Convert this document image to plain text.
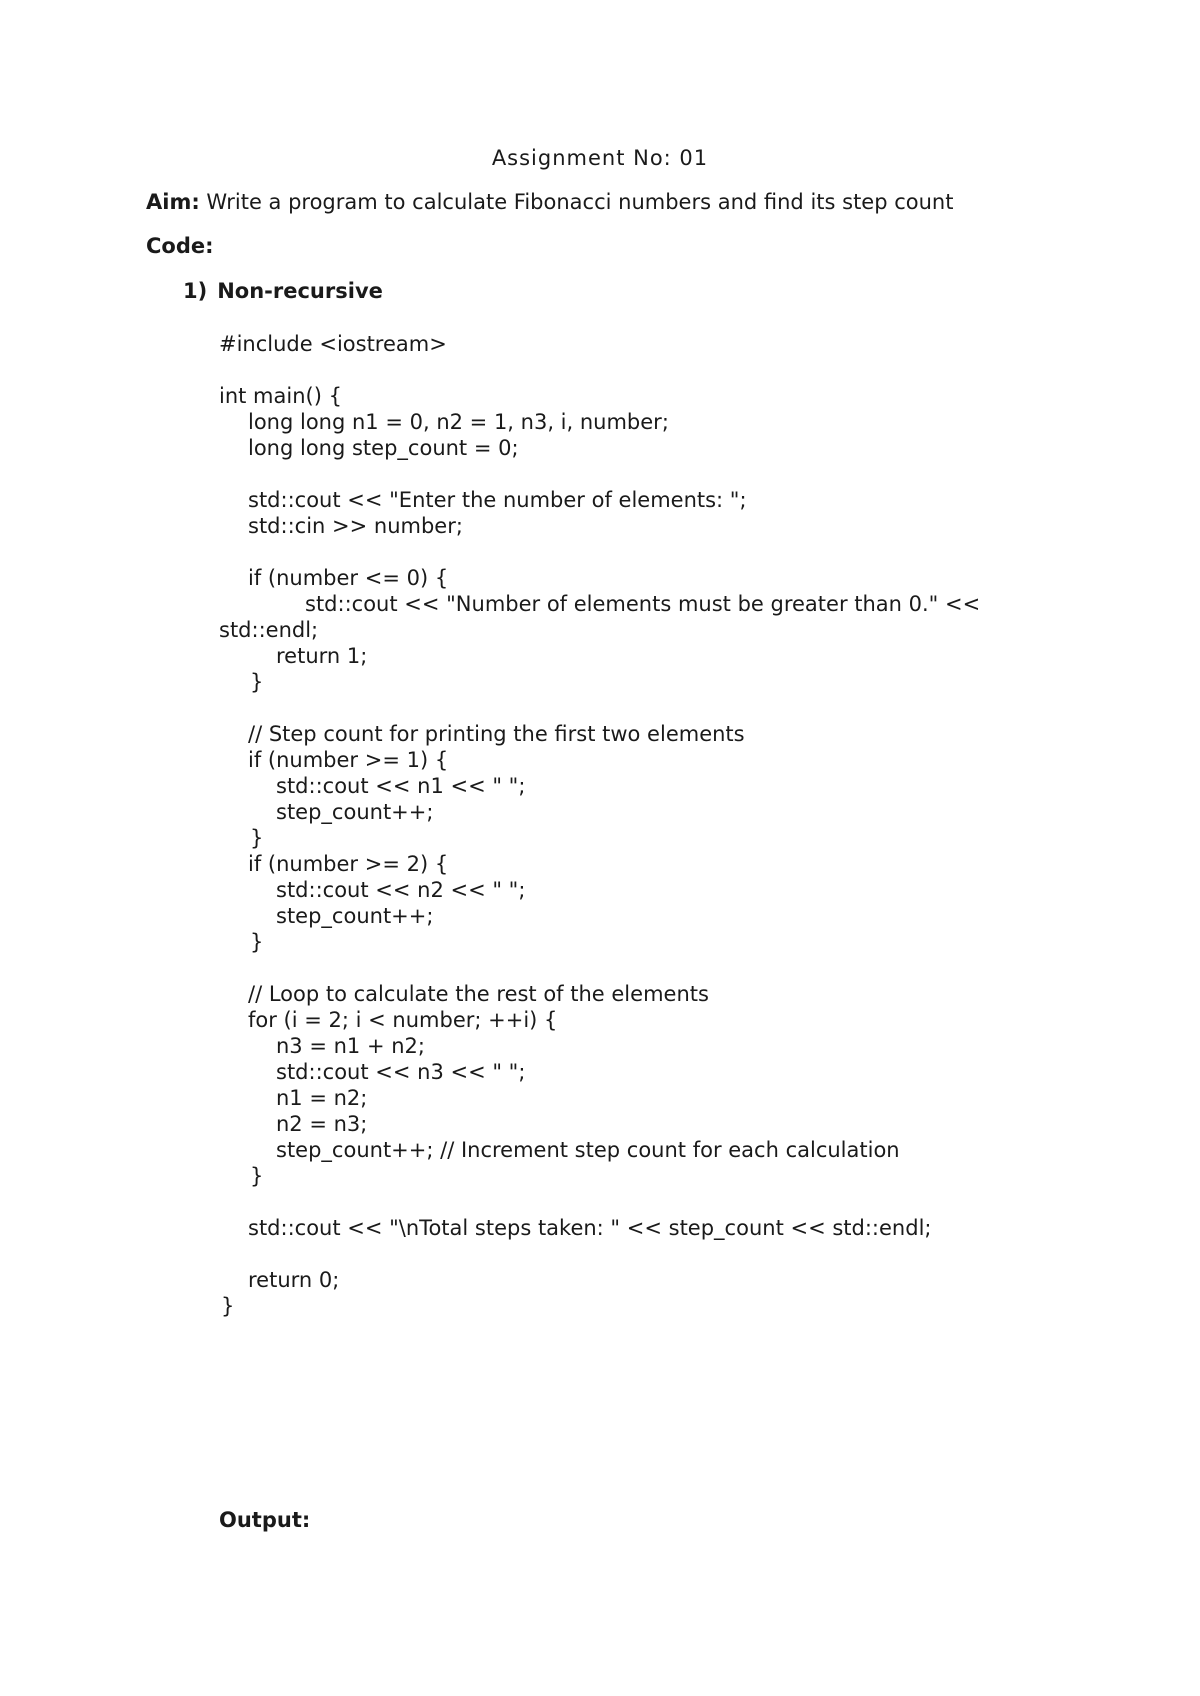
Assignment No: 01
Aim: Write a program to calculate Fibonacci numbers and find its step count
Code:
1) Non-recursive
#include <iostream>
int main() {
long long n1 = 0, n2 = 1, n3, i, number;
long long step_count = 0;
std::cout << "Enter the number of elements: ";
std::cin >> number;
if (number <= 0) {
std::cout << "Number of elements must be greater than 0." <<
std::endl;
return 1;
}
// Step count for printing the first two elements
if (number >= 1) {
std::cout << n1 << " ";
step_count++;
}
if (number >= 2) {
std::cout << n2 << " ";
step_count++;
}
// Loop to calculate the rest of the elements
for (i = 2; i < number; ++i) {
n3 = n1 + n2;
std::cout << n3 << " ";
n1 = n2;
n2 = n3;
step_count++; // Increment step count for each calculation
}
std::cout << "\nTotal steps taken: " << step_count << std::endl;
return 0;
}
Output:
